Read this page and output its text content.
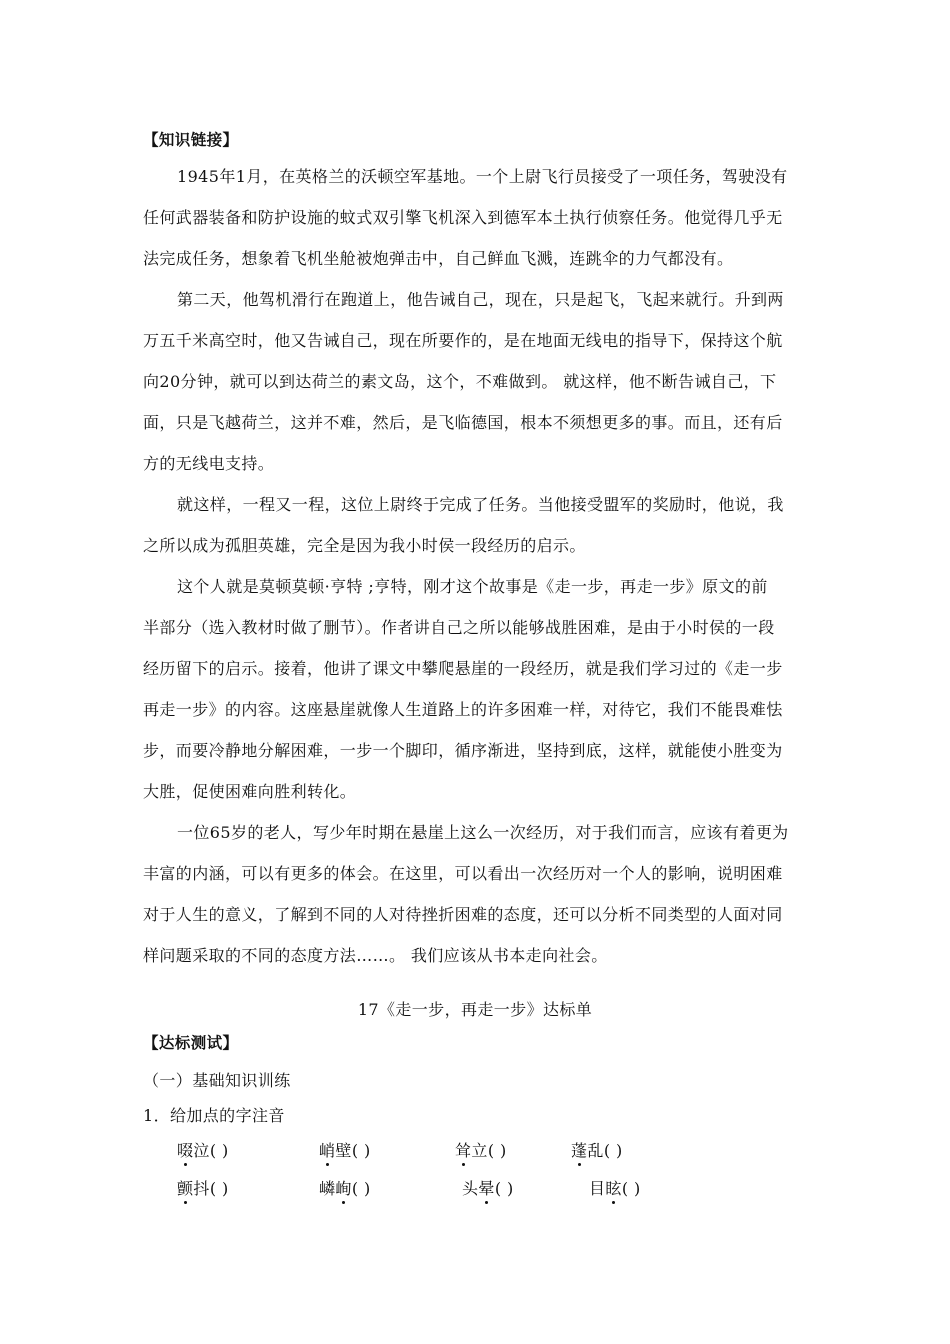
【知识链接】
1945年1月，在英格兰的沃顿空军基地。一个上尉飞行员接受了一项任务，驾驶没有
任何武器装备和防护设施的蚊式双引擎飞机深入到德军本土执行侦察任务。他觉得几乎无
法完成任务，想象着飞机坐舱被炮弹击中，自己鲜血飞溅，连跳伞的力气都没有。
第二天，他驾机滑行在跑道上，他告诫自己，现在，只是起飞，飞起来就行。升到两
万五千米高空时，他又告诫自己，现在所要作的，是在地面无线电的指导下，保持这个航
向20分钟，就可以到达荷兰的素文岛，这个，不难做到。 就这样，他不断告诫自己，下
面，只是飞越荷兰，这并不难，然后，是飞临德国，根本不须想更多的事。而且，还有后
方的无线电支持。
就这样，一程又一程，这位上尉终于完成了任务。当他接受盟军的奖励时，他说，我
之所以成为孤胆英雄，完全是因为我小时侯一段经历的启示。
这个人就是莫顿莫顿·亨特 ;亨特，刚才这个故事是《走一步，再走一步》原文的前
半部分（选入教材时做了删节）。作者讲自己之所以能够战胜困难，是由于小时侯的一段
经历留下的启示。接着，他讲了课文中攀爬悬崖的一段经历，就是我们学习过的《走一步
再走一步》的内容。这座悬崖就像人生道路上的许多困难一样，对待它，我们不能畏难怯
步，而要冷静地分解困难，一步一个脚印，循序渐进，坚持到底，这样，就能使小胜变为
大胜，促使困难向胜利转化。
一位65岁的老人，写少年时期在悬崖上这么一次经历，对于我们而言，应该有着更为
丰富的内涵，可以有更多的体会。在这里，可以看出一次经历对一个人的影响，说明困难
对于人生的意义，了解到不同的人对待挫折困难的态度，还可以分析不同类型的人面对同
样问题采取的不同的态度方法……。 我们应该从书本走向社会。
17《走一步，再走一步》达标单
【达标测试】
（一）基础知识训练
1．给加点的字注音
啜泣( )	峭壁( )	耸立( )	蓬乱( )
颤抖( )	嶙峋( )	头晕( )	目眩( )
